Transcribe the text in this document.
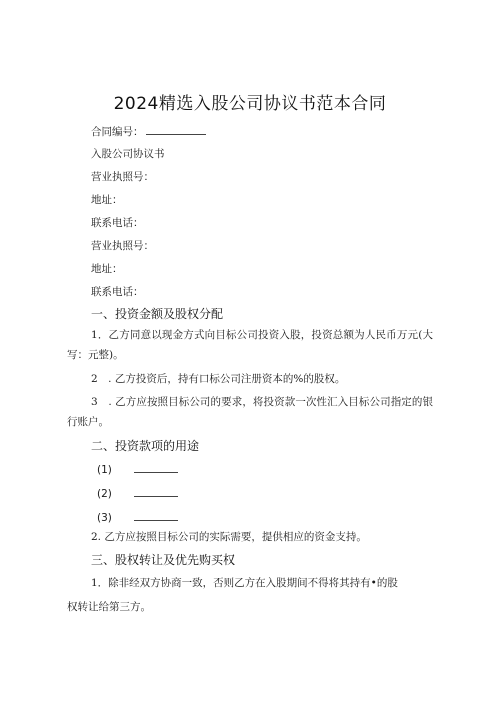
2024精选入股公司协议书范本合同
合同编号：
入股公司协议书
营业执照号：
地址：
联系电话：
营业执照号：
地址：
联系电话：
一、投资金额及股权分配
1．乙方同意以现金方式向目标公司投资入股，投资总额为人民币万元(大写：元整)。
2　. 乙方投资后，持有口标公司注册资本的%的股权。
3　. 乙方应按照目标公司的要求，将投资款一次性汇入目标公司指定的银行账户。
二、投资款项的用途
(1)
(2)
(3)
2. 乙方应按照目标公司的实际需要，提供相应的资金支持。
三、股权转让及优先购买权
1．除非经双方协商一致，否则乙方在入股期间不得将其持有•的股
权转让给第三方。
